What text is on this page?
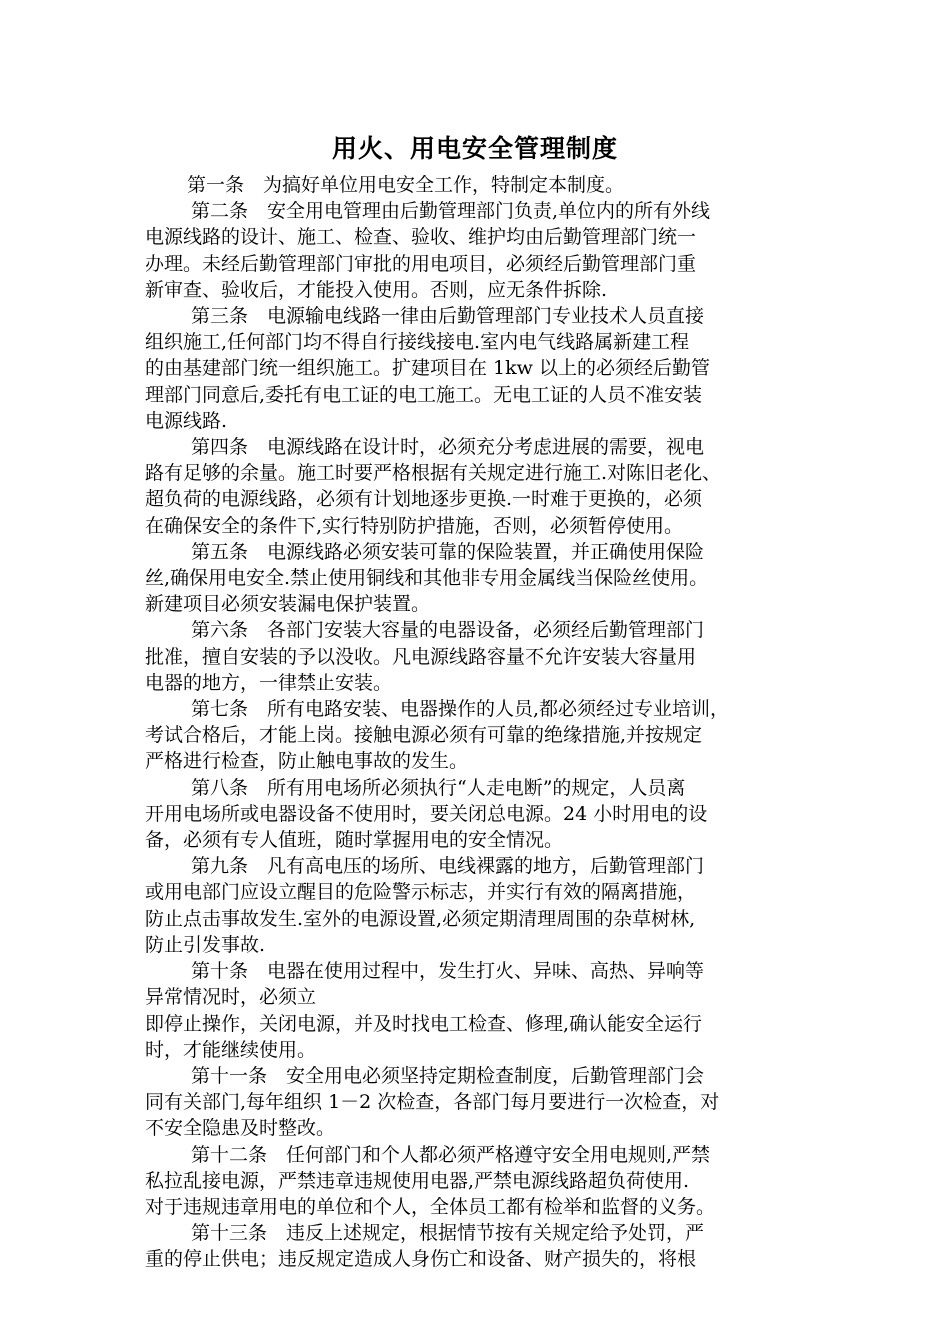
用火、用电安全管理制度
第一条　为搞好单位用电安全工作，特制定本制度。
第二条　安全用电管理由后勤管理部门负责,单位内的所有外线
电源线路的设计、施工、检查、验收、维护均由后勤管理部门统一
办理。未经后勤管理部门审批的用电项目，必须经后勤管理部门重
新审查、验收后，才能投入使用。否则，应无条件拆除.
第三条　电源输电线路一律由后勤管理部门专业技术人员直接
组织施工,任何部门均不得自行接线接电.室内电气线路属新建工程
的由基建部门统一组织施工。扩建项目在 1kw 以上的必须经后勤管
理部门同意后,委托有电工证的电工施工。无电工证的人员不准安装
电源线路.
第四条　电源线路在设计时，必须充分考虑进展的需要，视电
路有足够的余量。施工时要严格根据有关规定进行施工.对陈旧老化、
超负荷的电源线路，必须有计划地逐步更换.一时难于更换的，必须
在确保安全的条件下,实行特别防护措施，否则，必须暂停使用。
第五条　电源线路必须安装可靠的保险装置，并正确使用保险
丝,确保用电安全.禁止使用铜线和其他非专用金属线当保险丝使用。
新建项目必须安装漏电保护装置。
第六条　各部门安装大容量的电器设备，必须经后勤管理部门
批准，擅自安装的予以没收。凡电源线路容量不允许安装大容量用
电器的地方，一律禁止安装。
第七条　所有电路安装、电器操作的人员,都必须经过专业培训，
考试合格后，才能上岗。接触电源必须有可靠的绝缘措施,并按规定
严格进行检查，防止触电事故的发生。
第八条　所有用电场所必须执行“人走电断”的规定，人员离
开用电场所或电器设备不使用时，要关闭总电源。24 小时用电的设
备，必须有专人值班，随时掌握用电的安全情况。
第九条　凡有高电压的场所、电线裸露的地方，后勤管理部门
或用电部门应设立醒目的危险警示标志，并实行有效的隔离措施，
防止点击事故发生.室外的电源设置,必须定期清理周围的杂草树林,
防止引发事故.
第十条　电器在使用过程中，发生打火、异味、高热、异响等
异常情况时，必须立
即停止操作，关闭电源，并及时找电工检查、修理,确认能安全运行
时，才能继续使用。
第十一条　安全用电必须坚持定期检查制度，后勤管理部门会
同有关部门,每年组织 1－2 次检查，各部门每月要进行一次检查，对
不安全隐患及时整改。
第十二条　任何部门和个人都必须严格遵守安全用电规则,严禁
私拉乱接电源，严禁违章违规使用电器,严禁电源线路超负荷使用.
对于违规违章用电的单位和个人，全体员工都有检举和监督的义务。
第十三条　违反上述规定，根据情节按有关规定给予处罚，严
重的停止供电；违反规定造成人身伤亡和设备、财产损失的，将根
